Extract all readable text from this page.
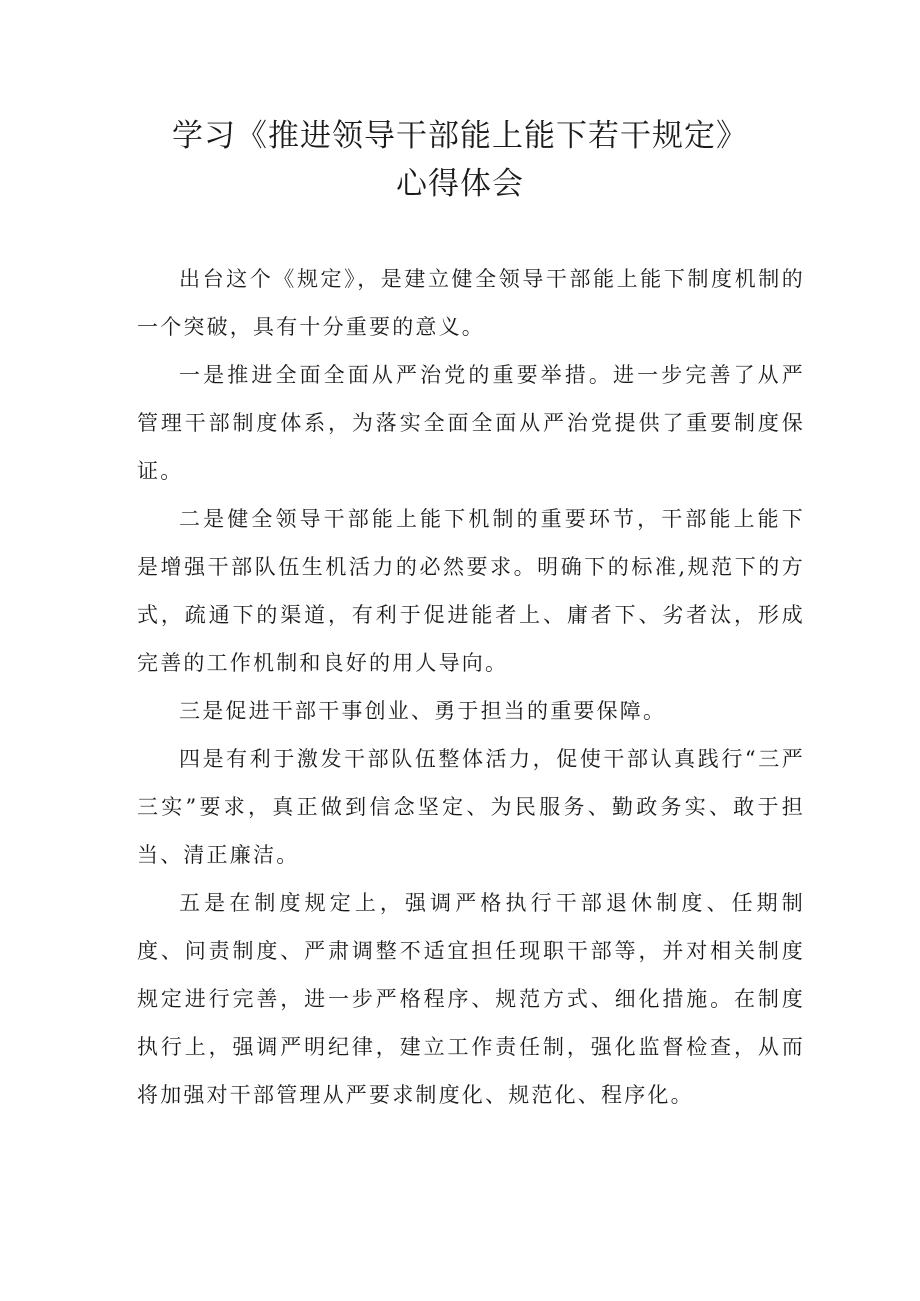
学习《推进领导干部能上能下若干规定》
心得体会

出台这个《规定》，是建立健全领导干部能上能下制度机制的一个突破，具有十分重要的意义。

一是推进全面全面从严治党的重要举措。进一步完善了从严管理干部制度体系，为落实全面全面从严治党提供了重要制度保证。

二是健全领导干部能上能下机制的重要环节，干部能上能下是增强干部队伍生机活力的必然要求。明确下的标准,规范下的方式，疏通下的渠道，有利于促进能者上、庸者下、劣者汰，形成完善的工作机制和良好的用人导向。

三是促进干部干事创业、勇于担当的重要保障。

四是有利于激发干部队伍整体活力，促使干部认真践行“三严三实”要求，真正做到信念坚定、为民服务、勤政务实、敢于担当、清正廉洁。

五是在制度规定上，强调严格执行干部退休制度、任期制度、问责制度、严肃调整不适宜担任现职干部等，并对相关制度规定进行完善，进一步严格程序、规范方式、细化措施。在制度执行上，强调严明纪律，建立工作责任制，强化监督检查，从而将加强对干部管理从严要求制度化、规范化、程序化。
